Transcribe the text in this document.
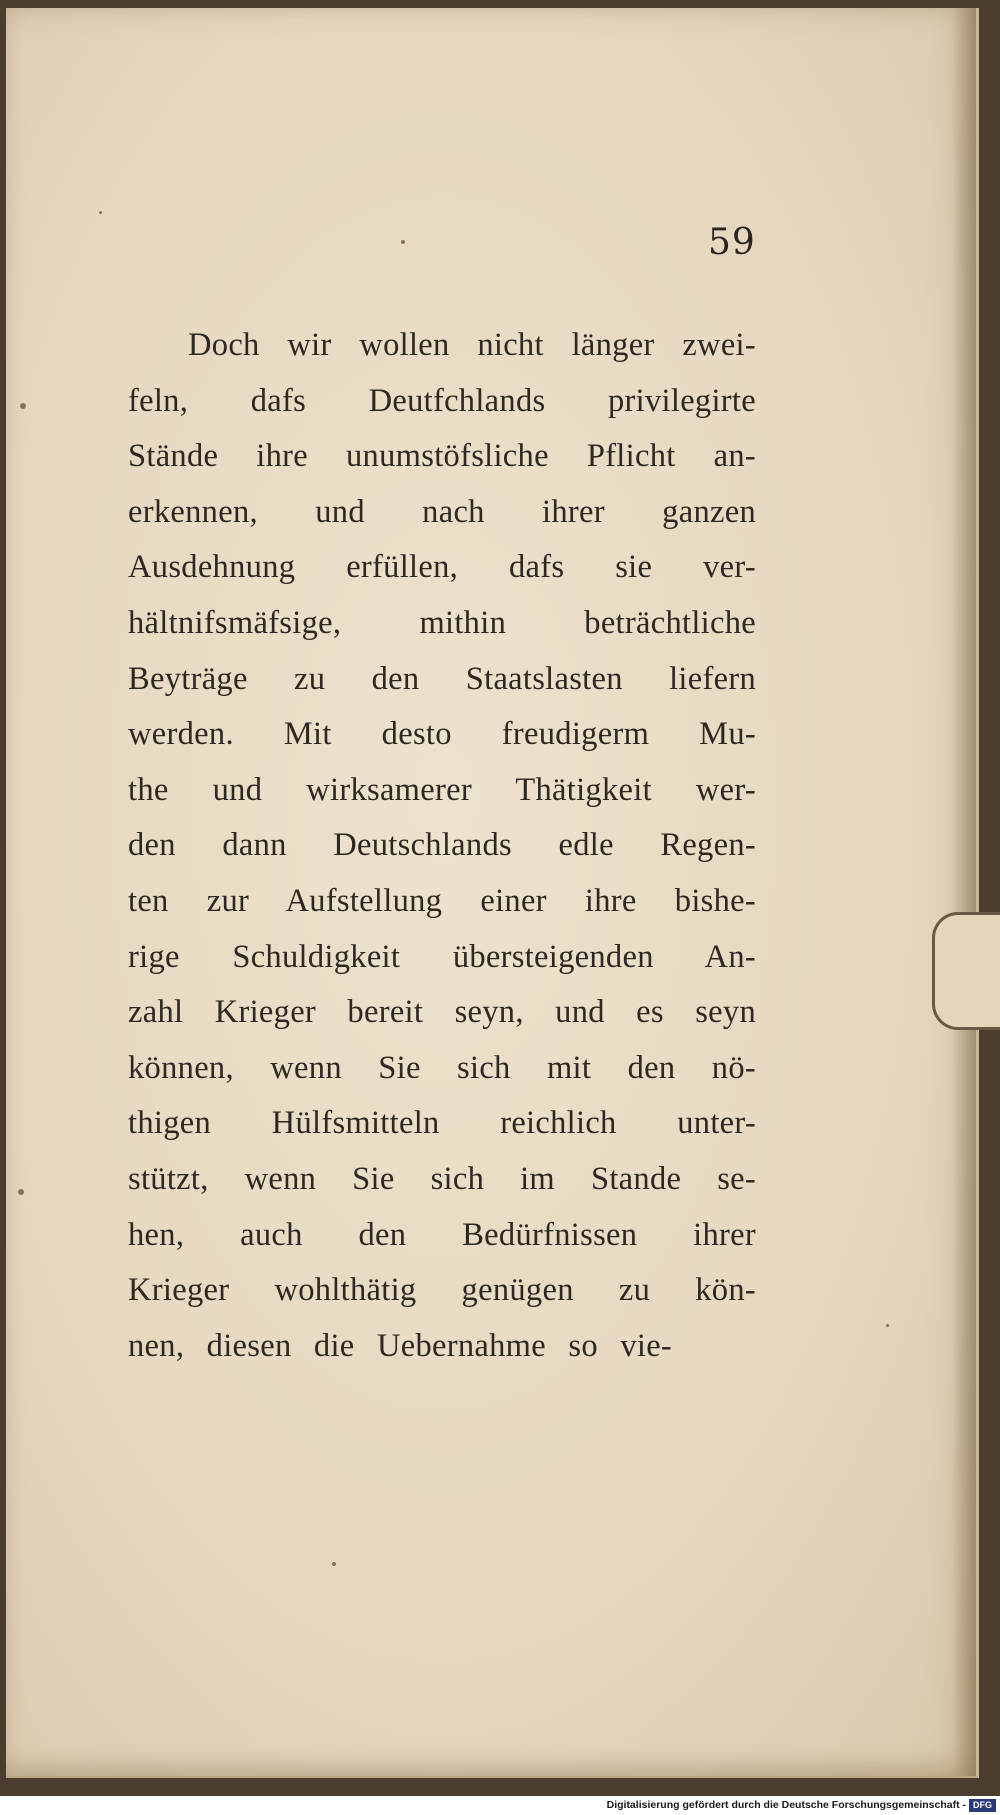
59
Doch wir wollen nicht länger zwei-
feln, dafs Deutfchlands privilegirte
Stände ihre unumstöfsliche Pflicht an-
erkennen, und nach ihrer ganzen
Ausdehnung erfüllen, dafs sie ver-
hältnifsmäfsige, mithin beträchtliche
Beyträge zu den Staatslasten liefern
werden. Mit desto freudigerm Mu-
the und wirksamerer Thätigkeit wer-
den dann Deutschlands edle Regen-
ten zur Aufstellung einer ihre bishe-
rige Schuldigkeit übersteigenden An-
zahl Krieger bereit seyn, und es seyn
können, wenn Sie sich mit den nö-
thigen Hülfsmitteln reichlich unter-
stützt, wenn Sie sich im Stande se-
hen, auch den Bedürfnissen ihrer
Krieger wohlthätig genügen zu kön-
nen, diesen die Uebernahme so vie-
Digitalisierung gefördert durch die Deutsche Forschungsgemeinschaft - DFG
